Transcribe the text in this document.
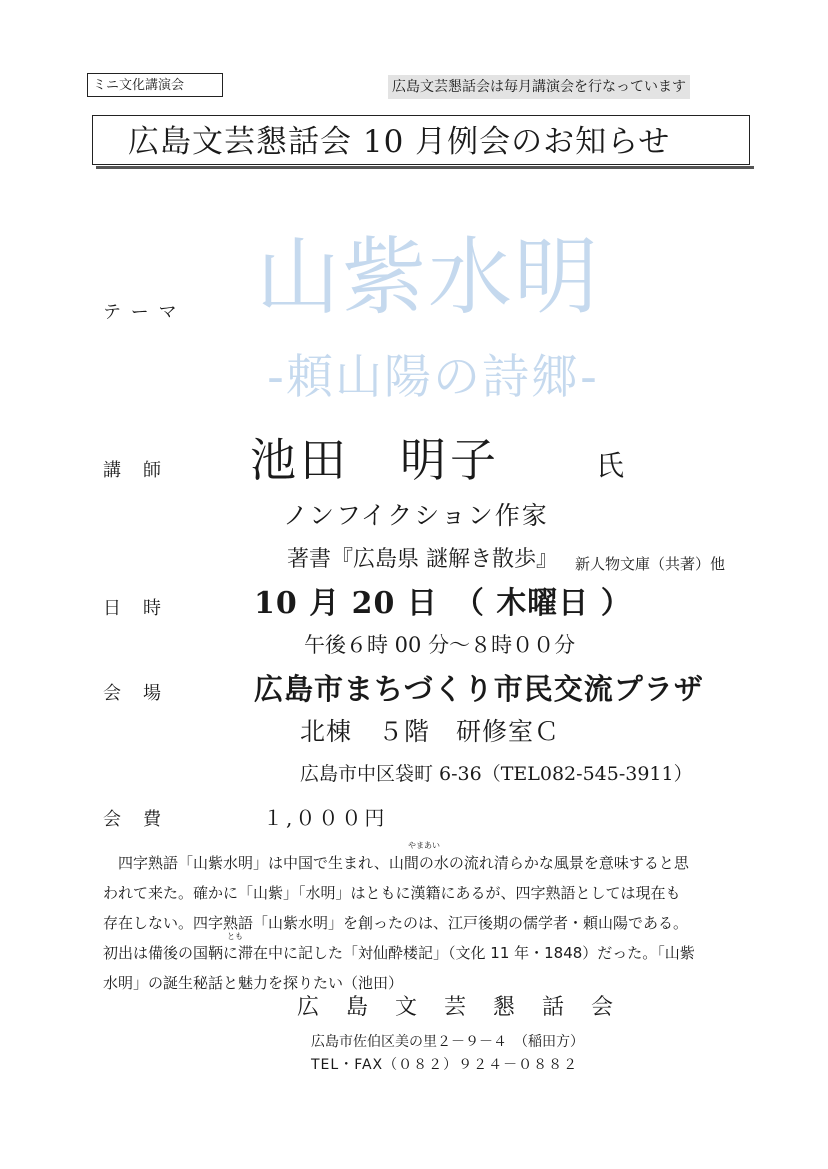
ミニ文化講演会	広島文芸懇話会は毎月講演会を行なっています
広島文芸懇話会 10 月例会のお知らせ
テ ー マ 山紫水明
-頼山陽の詩郷-
講　師 池田　明子	氏
ノンフイクション作家
著書『広島県 謎解き散歩』 新人物文庫（共著）他
日　時	10 月 20 日　（ 木曜日 ）
午後６時 00 分～８時００分
会　場	広島市まちづくり市民交流プラザ
北棟　５階　研修室Ｃ
広島市中区袋町 6-36（TEL082-545-3911）
会　費	１,０００円
やまあい
とも
四字熟語「山紫水明」は中国で生まれ、山間の水の流れ清らかな風景を意味すると思
われて来た。確かに「山紫」「水明」はともに漢籍にあるが、四字熟語としては現在も
存在しない。四字熟語「山紫水明」を創ったのは、江戸後期の儒学者・頼山陽である。
初出は備後の国鞆に滞在中に記した「対仙酔楼記」（文化 11 年・1848）だった。「山紫
水明」の誕生秘話と魅力を探りたい（池田）
広 島 文 芸 懇 話 会
広島市佐伯区美の里２－９－４　（稲田方）
TEL・FAX（０８２）９２４－０８８２
